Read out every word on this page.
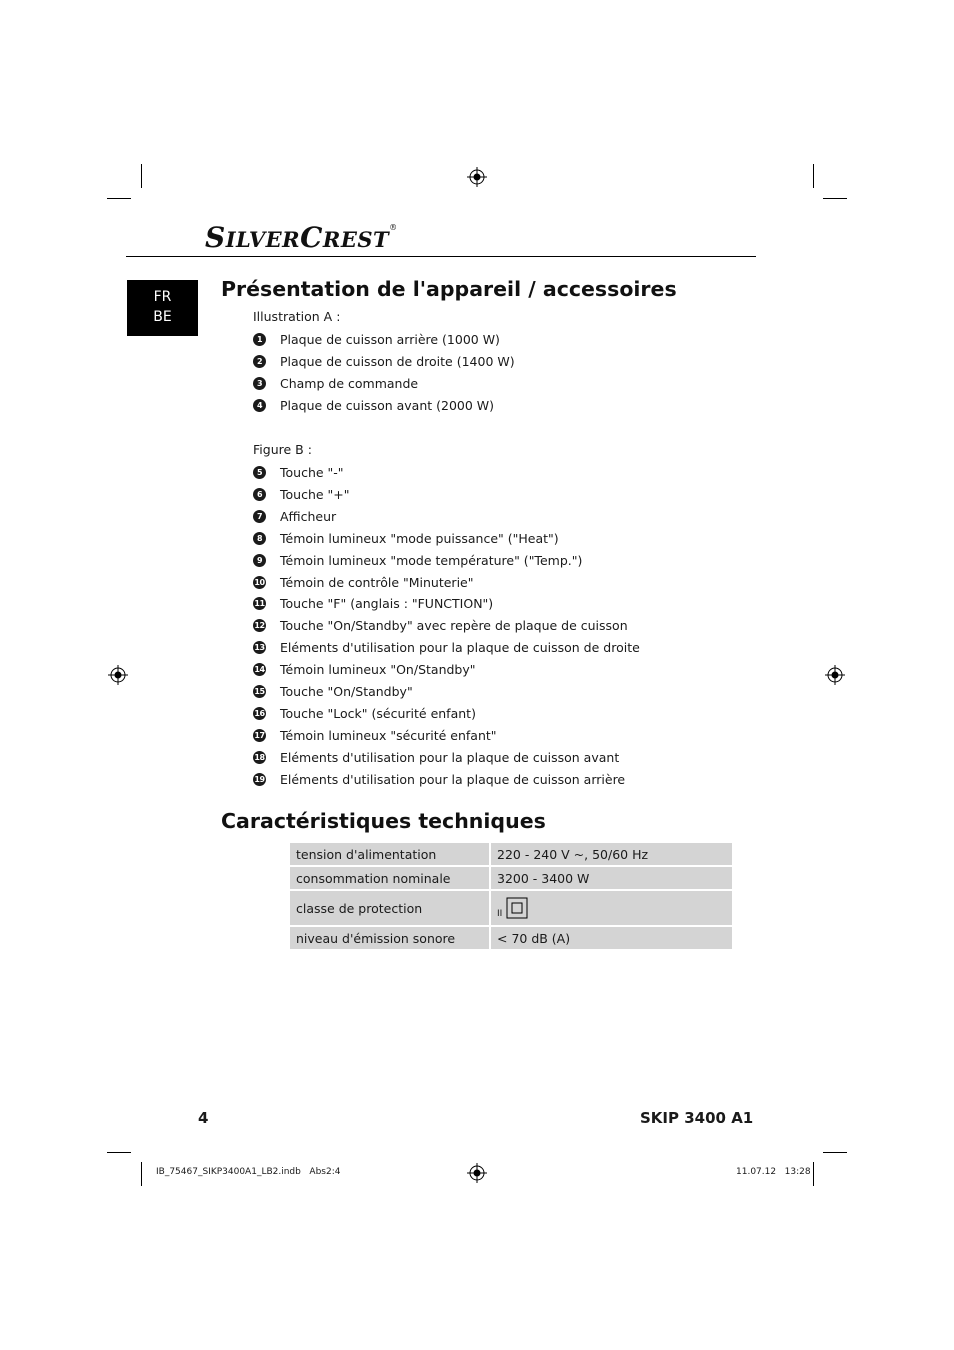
SILVERCREST®
FR
BE
Présentation de l'appareil / accessoires
Illustration A :
1	Plaque de cuisson arrière (1000 W)
2	Plaque de cuisson de droite (1400 W)
3	Champ de commande
4	Plaque de cuisson avant (2000 W)
Figure B :
5	Touche "-"
6	Touche "+"
7	Afficheur
8	Témoin lumineux "mode puissance" ("Heat")
9	Témoin lumineux "mode température" ("Temp.")
10 Témoin de contrôle "Minuterie"
11 Touche "F" (anglais : "FUNCTION")
12 Touche "On/Standby" avec repère de plaque de cuisson
13 Eléments d'utilisation pour la plaque de cuisson de droite
14 Témoin lumineux "On/Standby"
15 Touche "On/Standby"
16 Touche "Lock" (sécurité enfant)
17 Témoin lumineux "sécurité enfant"
18 Eléments d'utilisation pour la plaque de cuisson avant
19 Eléments d'utilisation pour la plaque de cuisson arrière
Caractéristiques techniques
tension d'alimentation	220 - 240 V ~, 50/60 Hz
consommation nominale	3200 - 3400 W
classe de protection	II
niveau d'émission sonore	< 70 dB (A)
4	SKIP 3400 A1
IB_75467_SIKP3400A1_LB2.indb   Abs2:4	11.07.12   13:28
